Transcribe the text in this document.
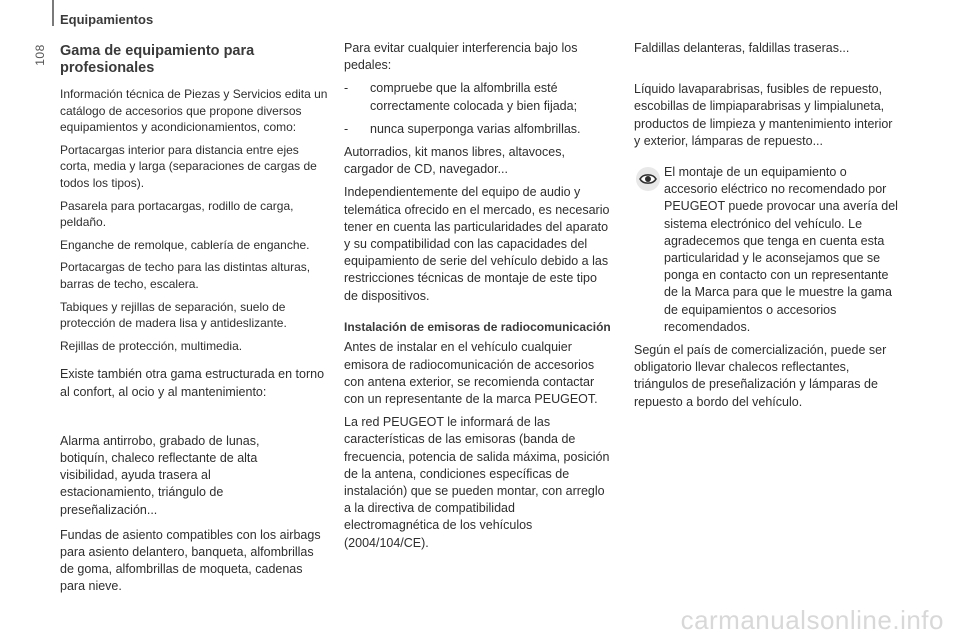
Equipamientos
108 Gama de equipamiento para profesionales

Información técnica de Piezas y Servicios edita un catálogo de accesorios que propone diversos equipamientos y acondicionamientos, como:

Portacargas interior para distancia entre ejes corta, media y larga (separaciones de cargas de todos los tipos).

Pasarela para portacargas, rodillo de carga, peldaño.

Enganche de remolque, cablería de enganche.

Portacargas de techo para las distintas alturas, barras de techo, escalera.

Tabiques y rejillas de separación, suelo de protección de madera lisa y antideslizante.

Rejillas de protección, multimedia.

Existe también otra gama estructurada en torno al confort, al ocio y al mantenimiento:

Alarma antirrobo, grabado de lunas, botiquín, chaleco reflectante de alta visibilidad, ayuda trasera al estacionamiento, triángulo de preseñalización...

Fundas de asiento compatibles con los airbags para asiento delantero, banqueta, alfombrillas de goma, alfombrillas de moqueta, cadenas para nieve.

Para evitar cualquier interferencia bajo los pedales:

- compruebe que la alfombrilla esté correctamente colocada y bien fijada;
- nunca superponga varias alfombrillas.

Autorradios, kit manos libres, altavoces, cargador de CD, navegador...

Independientemente del equipo de audio y telemática ofrecido en el mercado, es necesario tener en cuenta las particularidades del aparato y su compatibilidad con las capacidades del equipamiento de serie del vehículo debido a las restricciones técnicas de montaje de este tipo de dispositivos.

Instalación de emisoras de radiocomunicación

Antes de instalar en el vehículo cualquier emisora de radiocomunicación de accesorios con antena exterior, se recomienda contactar con un representante de la marca PEUGEOT.

La red PEUGEOT le informará de las características de las emisoras (banda de frecuencia, potencia de salida máxima, posición de la antena, condiciones específicas de instalación) que se pueden montar, con arreglo a la directiva de compatibilidad electromagnética de los vehículos (2004/104/CE).

Faldillas delanteras, faldillas traseras...

Líquido lavaparabrisas, fusibles de repuesto, escobillas de limpiaparabrisas y limpialuneta, productos de limpieza y mantenimiento interior y exterior, lámparas de repuesto...

El montaje de un equipamiento o accesorio eléctrico no recomendado por PEUGEOT puede provocar una avería del sistema electrónico del vehículo. Le agradecemos que tenga en cuenta esta particularidad y le aconsejamos que se ponga en contacto con un representante de la Marca para que le muestre la gama de equipamientos o accesorios recomendados.

Según el país de comercialización, puede ser obligatorio llevar chalecos reflectantes, triángulos de preseñalización y lámparas de repuesto a bordo del vehículo.

carmanualsonline.info
